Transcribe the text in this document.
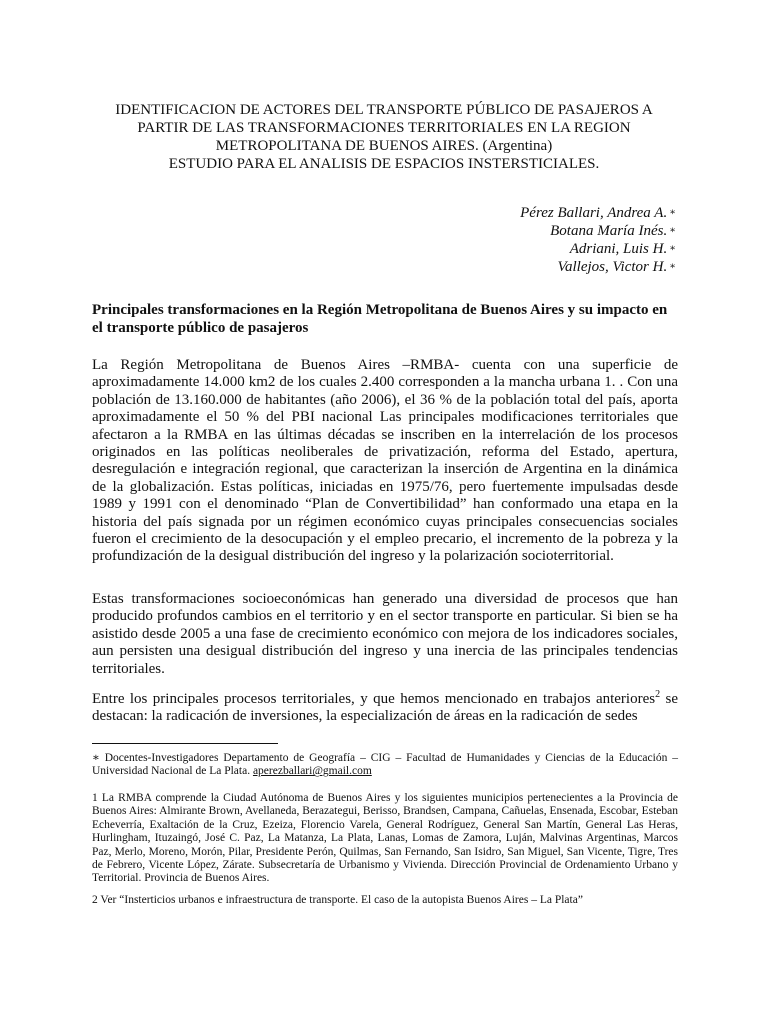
IDENTIFICACION DE ACTORES DEL TRANSPORTE PÚBLICO DE PASAJEROS A
PARTIR DE LAS TRANSFORMACIONES TERRITORIALES EN LA REGION
METROPOLITANA DE BUENOS AIRES. (Argentina)
ESTUDIO PARA EL ANALISIS DE ESPACIOS INSTERSTICIALES.
Pérez Ballari, Andrea A. ∗
Botana María Inés. ∗
Adriani, Luis H. ∗
Vallejos, Victor H. ∗

Principales transformaciones en la Región Metropolitana de Buenos Aires y su impacto en el transporte público de pasajeros

La Región Metropolitana de Buenos Aires –RMBA- cuenta con una superficie de aproximadamente 14.000 km2 de los cuales 2.400 corresponden a la mancha urbana 1. . Con una población de 13.160.000 de habitantes (año 2006), el 36 % de la población total del país, aporta aproximadamente el 50 % del PBI nacional Las principales modificaciones territoriales que afectaron a la RMBA en las últimas décadas se inscriben en la interrelación de los procesos originados en las políticas neoliberales de privatización, reforma del Estado, apertura, desregulación e integración regional, que caracterizan la inserción de Argentina en la dinámica de la globalización. Estas políticas, iniciadas en 1975/76, pero fuertemente impulsadas desde 1989 y 1991 con el denominado “Plan de Convertibilidad” han conformado una etapa en la historia del país signada por un régimen económico cuyas principales consecuencias sociales fueron el crecimiento de la desocupación y el empleo precario, el incremento de la pobreza y la profundización de la desigual distribución del ingreso y la polarización socioterritorial.

Estas transformaciones socioeconómicas han generado una diversidad de procesos que han producido profundos cambios en el territorio y en el sector transporte en particular. Si bien se ha asistido desde 2005 a una fase de crecimiento económico con mejora de los indicadores sociales, aun persisten una desigual distribución del ingreso y una inercia de las principales tendencias territoriales.

Entre los principales procesos territoriales, y que hemos mencionado en trabajos anteriores$^2$ se destacan: la radicación de inversiones, la especialización de áreas en la radicación de sedes

∗ Docentes-Investigadores Departamento de Geografía – CIG – Facultad de Humanidades y Ciencias de la Educación –Universidad Nacional de La Plata. aperezballari@gmail.com

1 La RMBA comprende la Ciudad Autónoma de Buenos Aires y los siguientes municipios pertenecientes a la Provincia de Buenos Aires: Almirante Brown, Avellaneda, Berazategui, Berisso, Brandsen, Campana, Cañuelas, Ensenada, Escobar, Esteban Echeverría, Exaltación de la Cruz, Ezeiza, Florencio Varela, General Rodríguez, General San Martín, General Las Heras, Hurlingham, Ituzaingó, José C. Paz, La Matanza, La Plata, Lanas, Lomas de Zamora, Luján, Malvinas Argentinas, Marcos Paz, Merlo, Moreno, Morón, Pilar, Presidente Perón, Quilmas, San Fernando, San Isidro, San Miguel, San Vicente, Tigre, Tres de Febrero, Vicente López, Zárate. Subsecretaría de Urbanismo y Vivienda. Dirección Provincial de Ordenamiento Urbano y Territorial. Provincia de Buenos Aires.

2 Ver “Insterticios urbanos e infraestructura de transporte. El caso de la autopista Buenos Aires – La Plata”
